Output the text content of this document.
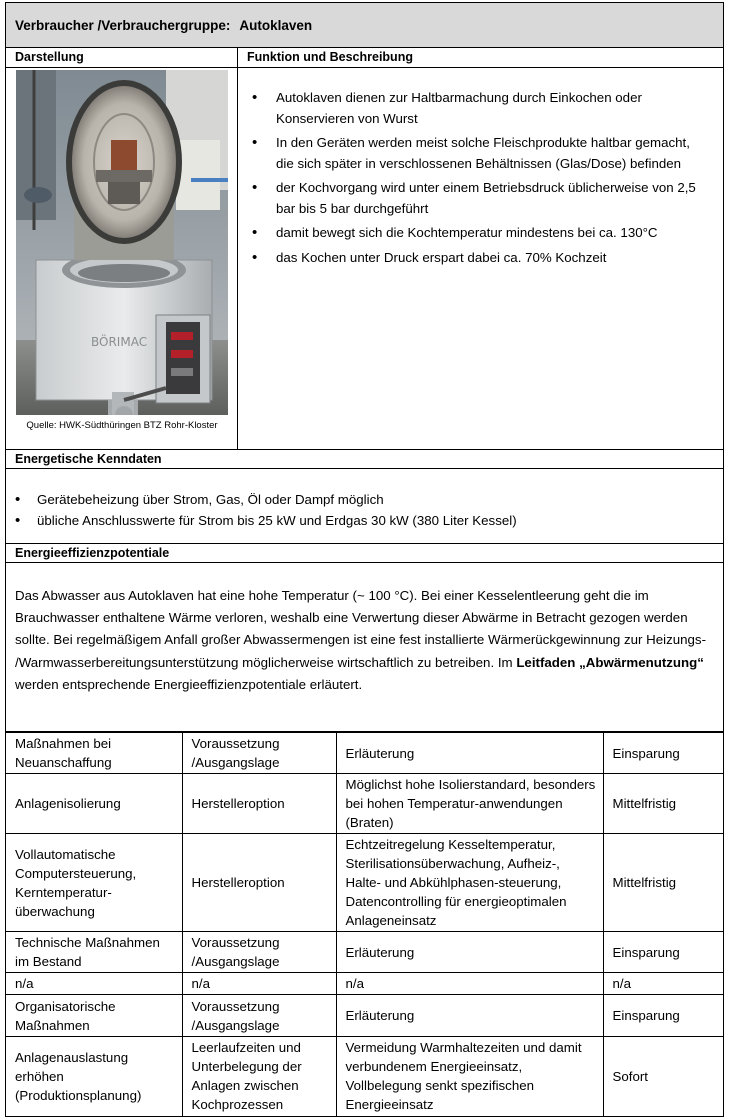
Verbraucher /Verbrauchergruppe: Autoklaven
Darstellung	Funktion und Beschreibung
BÖRIMAC
Quelle: HWK-Südthüringen BTZ Rohr-Kloster
• Autoklaven dienen zur Haltbarmachung durch Einkochen oder Konservieren von Wurst
• In den Geräten werden meist solche Fleischprodukte haltbar gemacht, die sich später in verschlossenen Behältnissen (Glas/Dose) befinden
• der Kochvorgang wird unter einem Betriebsdruck üblicherweise von 2,5 bar bis 5 bar durchgeführt
• damit bewegt sich die Kochtemperatur mindestens bei ca. 130°C
• das Kochen unter Druck erspart dabei ca. 70% Kochzeit
Energetische Kenndaten
• Gerätebeheizung über Strom, Gas, Öl oder Dampf möglich
• übliche Anschlusswerte für Strom bis 25 kW und Erdgas 30 kW (380 Liter Kessel)
Energieeffizienzpotentiale
Das Abwasser aus Autoklaven hat eine hohe Temperatur (~ 100 °C). Bei einer Kesselentleerung geht die im Brauchwasser enthaltene Wärme verloren, weshalb eine Verwertung dieser Abwärme in Betracht gezogen werden sollte. Bei regelmäßigem Anfall großer Abwassermengen ist eine fest installierte Wärmerückgewinnung zur Heizungs- /Warmwasserbereitungsunterstützung möglicherweise wirtschaftlich zu betreiben. Im Leitfaden „Abwärmenutzung“ werden entsprechende Energieeffizienzpotentiale erläutert.
Maßnahmen bei Neuanschaffung	Voraussetzung /Ausgangslage	Erläuterung	Einsparung
Anlagenisolierung	Herstelleroption	Möglichst hohe Isolierstandard, besonders bei hohen Temperatur-anwendungen (Braten)	Mittelfristig
Vollautomatische Computersteuerung, Kerntemperatur-überwachung	Herstelleroption	Echtzeitregelung Kesseltemperatur, Sterilisationsüberwachung, Aufheiz-, Halte- und Abkühlphasen-steuerung, Datencontrolling für energieoptimalen Anlageneinsatz	Mittelfristig
Technische Maßnahmen im Bestand	Voraussetzung /Ausgangslage	Erläuterung	Einsparung
n/a	n/a	n/a	n/a
Organisatorische Maßnahmen	Voraussetzung /Ausgangslage	Erläuterung	Einsparung
Anlagenauslastung erhöhen (Produktionsplanung)	Leerlaufzeiten und Unterbelegung der Anlagen zwischen Kochprozessen	Vermeidung Warmhaltezeiten und damit verbundenem Energieeinsatz, Vollbelegung senkt spezifischen Energieeinsatz	Sofort
